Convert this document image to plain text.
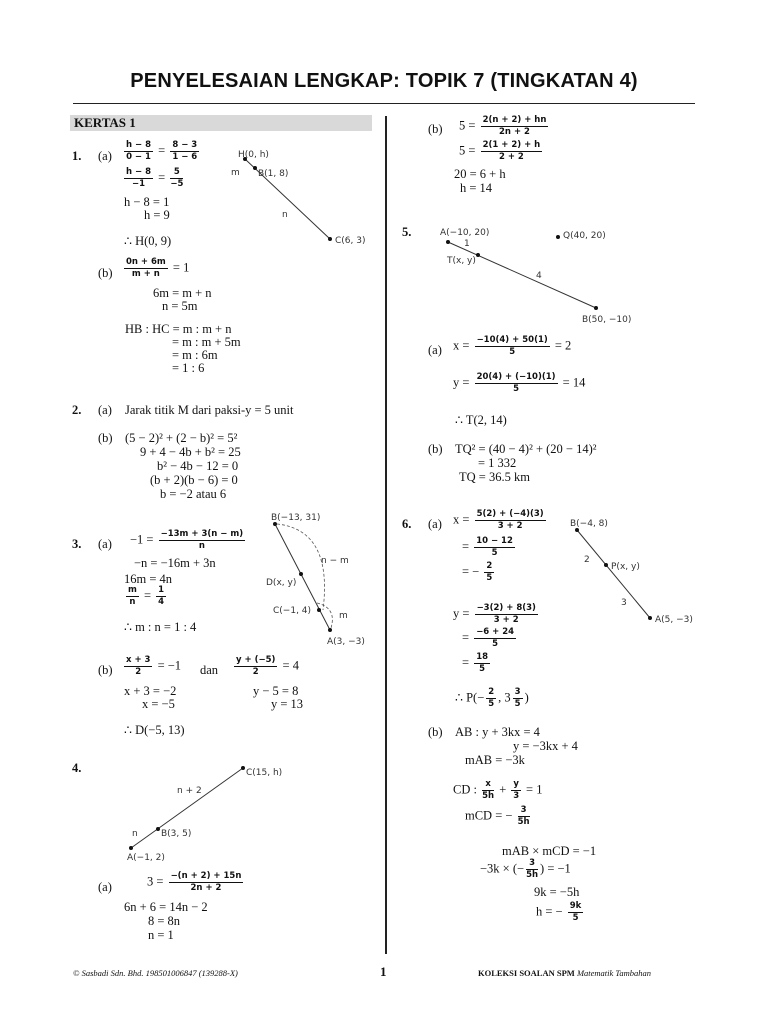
PENYELESAIAN LENGKAP: TOPIK 7 (TINGKATAN 4)
KERTAS 1
1. $(a) \frac{h - 8}{0 - 1} = \frac{8 - 3}{1 - 6}$
$\frac{h - 8}{-1} = \frac{5}{-5}$
h − 8 = 1
h = 9
∴ H(0, 9)
H(0, h)
B(1, 8)
C(6, 3)
m
n
$(b) \frac{0n + 6m}{m + n} = 1$
6m = m + n
n = 5m
HB : HC = m : m + n
= m : m + 5m
= m : 6m
= 1 : 6
2. (a) Jarak titik M dari paksi-y = 5 unit
(b) (5 − 2)² + (2 − b)² = 5²
9 + 4 − 4b + b² = 25
b² − 4b − 12 = 0
(b + 2)(b − 6) = 0
b = −2 atau 6
3. $(a) -1 = \frac{-13m + 3(n - m)}{n}$
−n = −16m + 3n
16m = 4n
$\frac{m}{n} = \frac{1}{4}$
∴ m : n = 1 : 4
B(−13, 31)
D(x, y)
C(−1, 4)
A(3, −3)
n − m
m
$(b) \frac{x + 3}{2} = -1$ dan $\frac{y + (-5)}{2} = 4$
x + 3 = −2
x = −5
y − 5 = 8
y = 13
∴ D(−5, 13)
4.	C(15, h)
B(3, 5)
A(−1, 2)
n + 2
n
(a)	$3 = \frac{-(n + 2) + 15n}{2n + 2}$
6n + 6 = 14n − 2
8 = 8n
n = 1
(b) $5 = \frac{2(n + 2) + hn}{2n + 2}$
$5 = \frac{2(1 + 2) + h}{2 + 2}$
20 = 6 + h
h = 14
5.	A(−10, 20)	Q(40, 20)
T(x, y)
B(50, −10)
1
4
(a) $x = \frac{-10(4) + 50(1)}{5} = 2$
$y = \frac{20(4) + (-10)(1)}{5} = 14$
∴ T(2, 14)
(b) TQ² = (40 − 4)² + (20 − 14)²
= 1 332
TQ = 36.5 km
6. (a) $x = \frac{5(2) + (-4)(3)}{3 + 2}$
= $\frac{10 - 12}{5}$
= − $\frac{2}{5}$
B(−4, 8)
P(x, y)
A(5, −3)
2
3
$y = \frac{-3(2) + 8(3)}{3 + 2}$
= $\frac{-6 + 24}{5}$
= $\frac{18}{5}$
∴ $P(- \frac{2}{5}$ , $3 \frac{3}{5}$ )
(b) AB : y + 3kx = 4
y = −3kx + 4
mAB = −3k
CD : $\frac{x}{5h} + \frac{y}{3} = 1$
mCD = − $\frac{3}{5h}$
mAB × mCD = −1
−3k × (− $\frac{3}{5h}$ ) = −1
9k = −5h
h = − $\frac{9k}{5}$
© Sasbadi Sdn. Bhd. 198501006847 (139288-X)	1	KOLEKSI SOALAN SPM Matematik Tambahan
